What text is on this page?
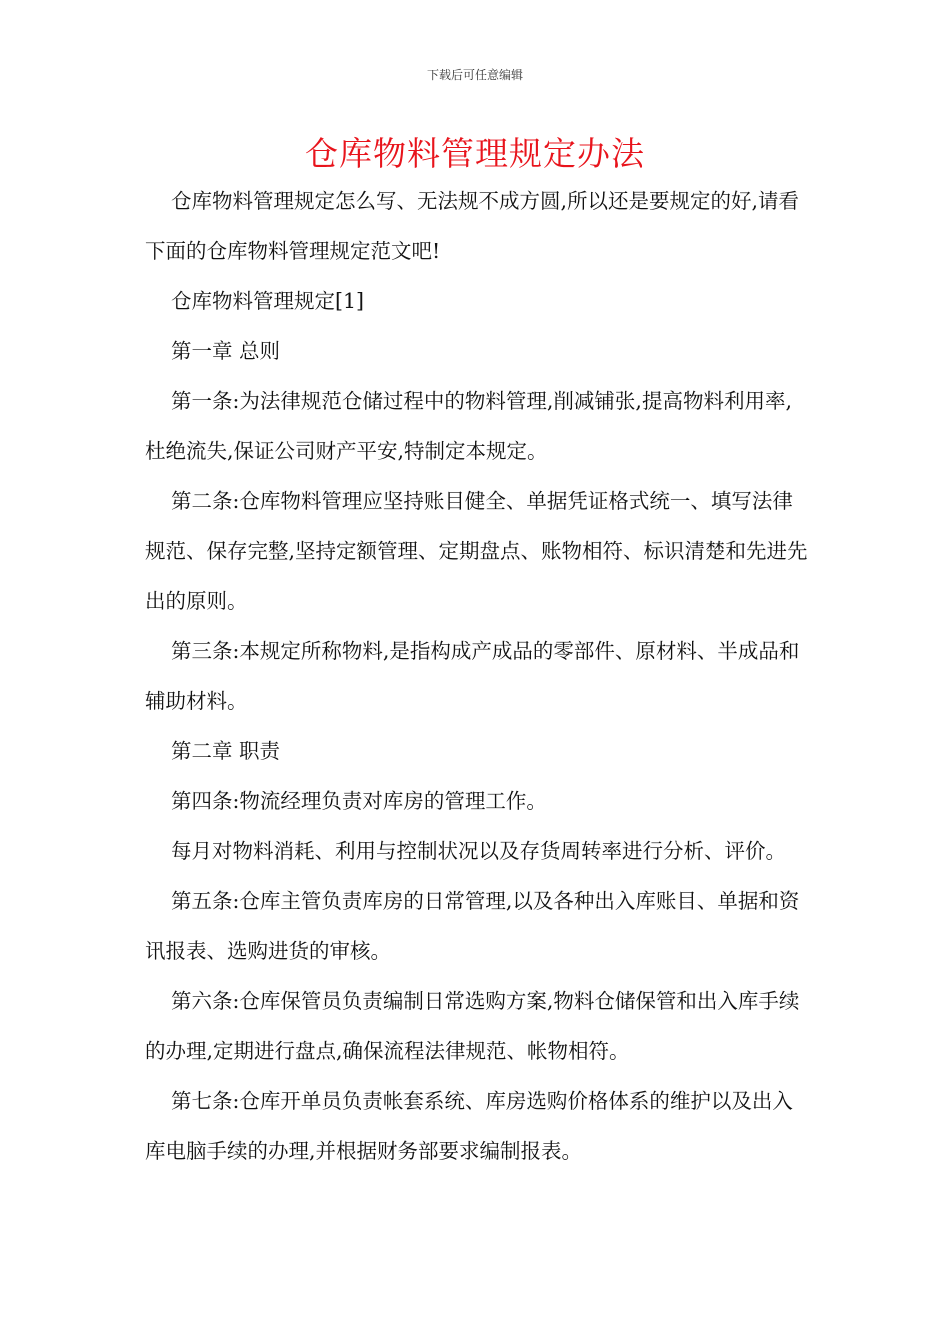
下载后可任意编辑
仓库物料管理规定办法

仓库物料管理规定怎么写、无法规不成方圆,所以还是要规定的好,请看下面的仓库物料管理规定范文吧!

仓库物料管理规定[1]

第一章 总则

第一条:为法律规范仓储过程中的物料管理,削减铺张,提高物料利用率,杜绝流失,保证公司财产平安,特制定本规定。

第二条:仓库物料管理应坚持账目健全、单据凭证格式统一、填写法律规范、保存完整,坚持定额管理、定期盘点、账物相符、标识清楚和先进先出的原则。

第三条:本规定所称物料,是指构成产成品的零部件、原材料、半成品和辅助材料。

第二章 职责

第四条:物流经理负责对库房的管理工作。

每月对物料消耗、利用与控制状况以及存货周转率进行分析、评价。

第五条:仓库主管负责库房的日常管理,以及各种出入库账目、单据和资讯报表、选购进货的审核。

第六条:仓库保管员负责编制日常选购方案,物料仓储保管和出入库手续的办理,定期进行盘点,确保流程法律规范、帐物相符。

第七条:仓库开单员负责帐套系统、库房选购价格体系的维护以及出入库电脑手续的办理,并根据财务部要求编制报表。
